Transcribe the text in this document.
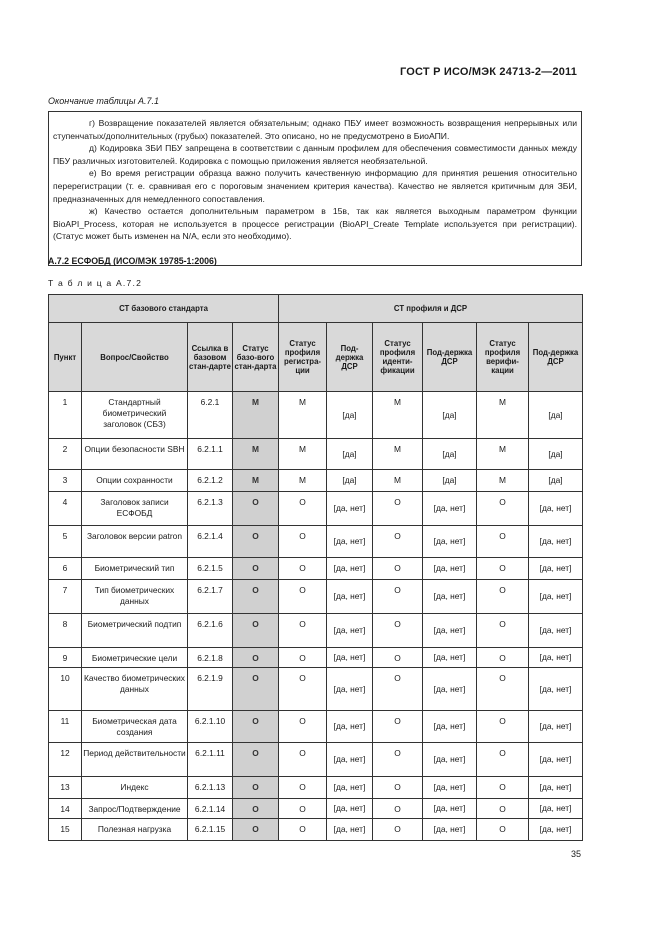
ГОСТ Р ИСО/МЭК 24713-2—2011
Окончание таблицы А.7.1

г) Возвращение показателей является обязательным; однако ПБУ имеет возможность возвращения непрерывных или ступенчатых/дополнительных (грубых) показателей. Это описано, но не предусмотрено в БиоАПИ.

д) Кодировка ЗБИ ПБУ запрещена в соответствии с данным профилем для обеспечения совместимости данных между ПБУ различных изготовителей. Кодировка с помощью приложения является необязательной.

е) Во время регистрации образца важно получить качественную информацию для принятия решения относительно перерегистрации (т. е. сравнивая его с пороговым значением критерия качества). Качество не является критичным для ЗБИ, предназначенных для немедленного сопоставления.

ж) Качество остается дополнительным параметром в 15в, так как является выходным параметром функции BioAPI_Process, которая не используется в процессе регистрации (BioAPI_Create Template используется при регистрации). (Статус может быть изменен на N/A, если это необходимо).

А.7.2 ЕСФОБД (ИСО/МЭК 19785-1:2006)
Т а б л и ц а А.7.2
СТ базового стандарта				СТ профиля и ДСР					
Пункт	Вопрос/Свойство	Ссылка в базовом стан-дарте	Статус базо-вого стан-дарта	Статус профиля регистра-ции	Под-держка ДСР	Статус профиля иденти-фикации	Под-держка ДСР	Статус профиля верифи-кации	Под-держка ДСР
1	Стандартный биометрический заголовок (СБЗ)	6.2.1	M	M	[да]	M	[да]	M	[да]
2	Опции безопасности SBH	6.2.1.1	M	M	[да]	M	[да]	M	[да]
3	Опции сохранности	6.2.1.2	M	M	[да]	M	[да]	M	[да]
4	Заголовок записи ЕСФОБД	6.2.1.3	O	O	[да, нет]	O	[да, нет]	O	[да, нет]
5	Заголовок версии patron	6.2.1.4	O	O	[да, нет]	O	[да, нет]	O	[да, нет]
6	Биометрический тип	6.2.1.5	O	O	[да, нет]	O	[да, нет]	O	[да, нет]
7	Тип биометрических данных	6.2.1.7	O	O	[да, нет]	O	[да, нет]	O	[да, нет]
8	Биометрический подтип	6.2.1.6	O	O	[да, нет]	O	[да, нет]	O	[да, нет]
9	Биометрические цели	6.2.1.8	O	O	[да, нет]	O	[да, нет]	O	[да, нет]
10	Качество биометрических данных	6.2.1.9	O	O	[да, нет]	O	[да, нет]	O	[да, нет]
11	Биометрическая дата создания	6.2.1.10	O	O	[да, нет]	O	[да, нет]	O	[да, нет]
12	Период действительности	6.2.1.11	O	O	[да, нет]	O	[да, нет]	O	[да, нет]
13	Индекс	6.2.1.13	O	O	[да, нет]	O	[да, нет]	O	[да, нет]
14	Запрос/Подтверждение	6.2.1.14	O	O	[да, нет]	O	[да, нет]	O	[да, нет]
15	Полезная нагрузка	6.2.1.15	O	O	[да, нет]	O	[да, нет]	O	[да, нет]
35
